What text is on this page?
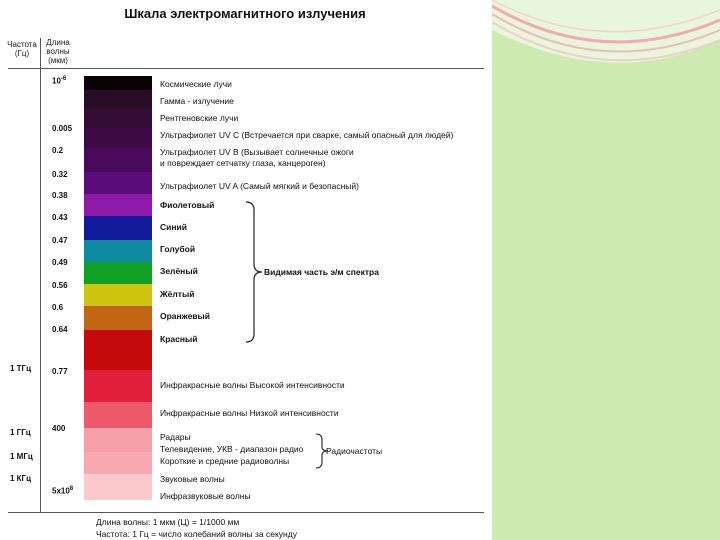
Шкала электромагнитного излучения
Частота
(Гц)
Длина
волны
(мкм)
$10^{-6}$
0.005
0.2
0.32
0.38
0.43
0.47
0.49
0.56
0.6
0.64
0.77
400
$5x10^8$
1 ТГц
1 ГГц
1 МГц
1 КГц
Космические лучи
Гамма - излучение
Рентгеновские лучи
Ультрафиолет UV C (Встречается при сварке, самый опасный для людей)
Ультрафиолет UV B (Вызывает солнечные ожоги
и повреждает сетчатку глаза, канцероген)
Ультрафиолет UV A (Самый мягкий и безопасный)
Фиолетовый
Синий
Голубой
Зелёный
Жёлтый
Оранжевый
Красный
Инфракрасные волны Высокой интенсивности
Инфракрасные волны Низкой интенсивности
Радары
Телевидение, УКВ - диапазон радио
Короткие и средние радиоволны
Звуковые волны
Инфразвуковые волны
Видимая часть э/м спектра
Радиочастоты
Длина волны: 1 мкм (Ц) = 1/1000 мм
Частота: 1 Гц = число колебаний волны за секунду
